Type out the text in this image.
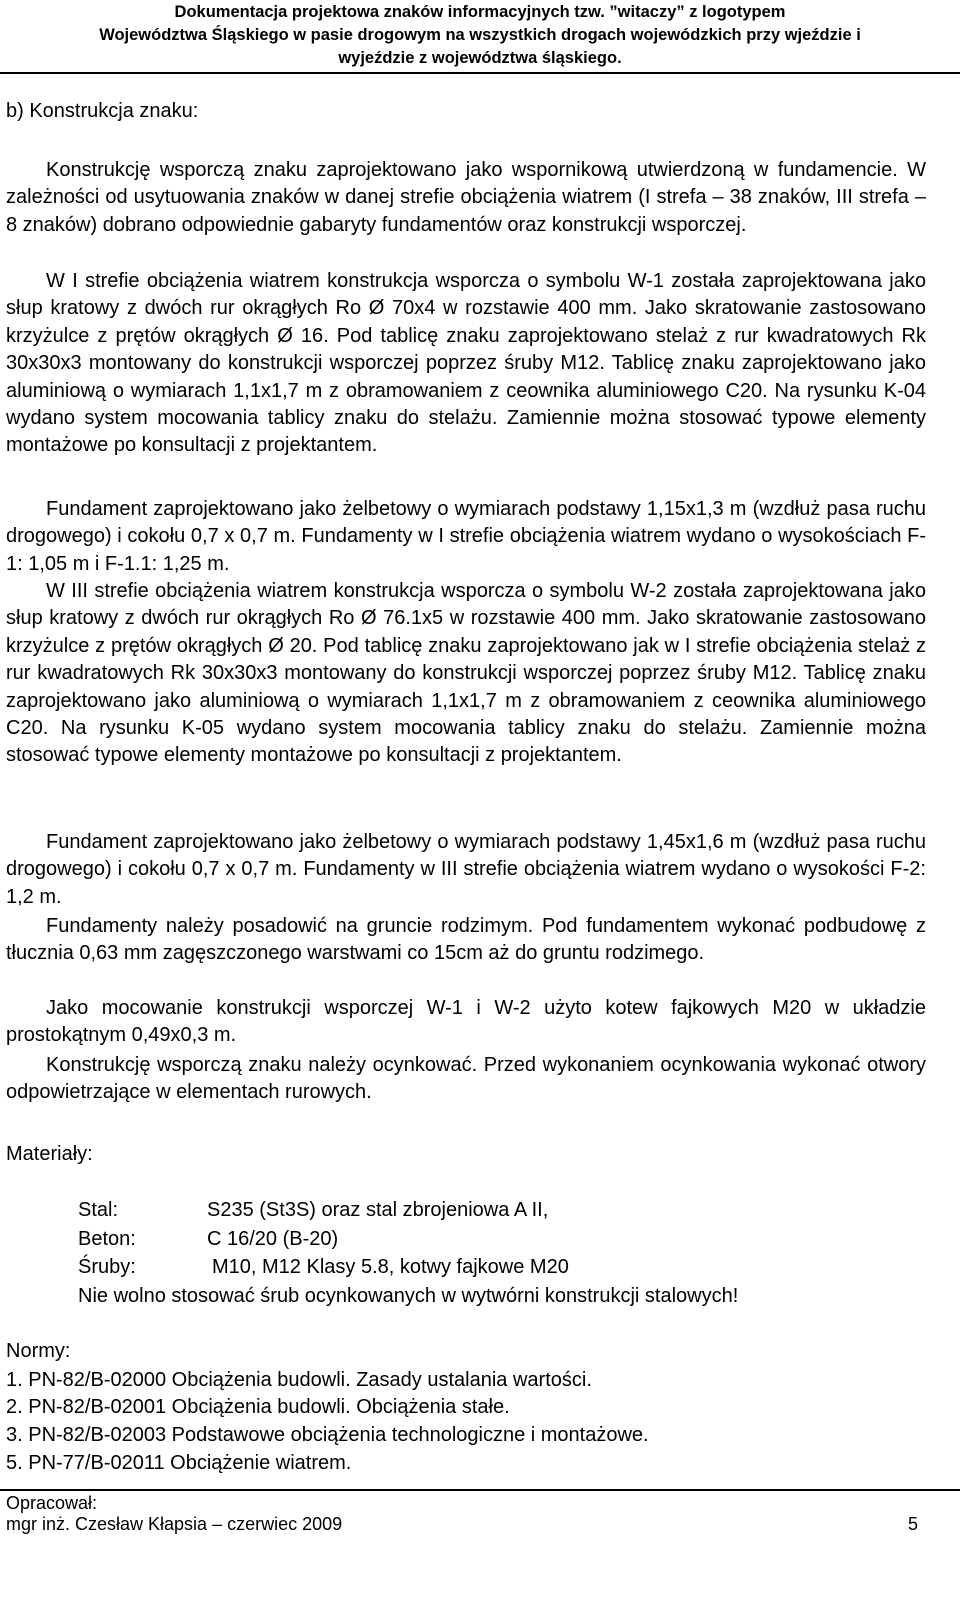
Dokumentacja projektowa znaków informacyjnych tzw. ”witaczy” z logotypem
Województwa Śląskiego w pasie drogowym na wszystkich drogach wojewódzkich przy wjeździe i
wyjeździe z województwa śląskiego.
b) Konstrukcja znaku:

Konstrukcję wsporczą znaku zaprojektowano jako wspornikową utwierdzoną w fundamencie. W zależności od usytuowania znaków w danej strefie obciążenia wiatrem (I strefa – 38 znaków, III strefa – 8 znaków) dobrano odpowiednie gabaryty fundamentów oraz konstrukcji wsporczej.

W I strefie obciążenia wiatrem konstrukcja wsporcza o symbolu W-1 została zaprojektowana jako słup kratowy z dwóch rur okrągłych Ro Ø 70x4 w rozstawie 400 mm. Jako skratowanie zastosowano krzyżulce z prętów okrągłych Ø 16. Pod tablicę znaku zaprojektowano stelaż z rur kwadratowych Rk 30x30x3 montowany do konstrukcji wsporczej poprzez śruby M12. Tablicę znaku zaprojektowano jako aluminiową o wymiarach 1,1x1,7 m z obramowaniem z ceownika aluminiowego C20. Na rysunku K-04 wydano system mocowania tablicy znaku do stelażu. Zamiennie można stosować typowe elementy montażowe po konsultacji z projektantem.

Fundament zaprojektowano jako żelbetowy o wymiarach podstawy 1,15x1,3 m (wzdłuż pasa ruchu drogowego) i cokołu 0,7 x 0,7 m. Fundamenty w I strefie obciążenia wiatrem wydano o wysokościach F-1: 1,05 m i F-1.1: 1,25 m.

W III strefie obciążenia wiatrem konstrukcja wsporcza o symbolu W-2 została zaprojektowana jako słup kratowy z dwóch rur okrągłych Ro Ø 76.1x5 w rozstawie 400 mm. Jako skratowanie zastosowano krzyżulce z prętów okrągłych Ø 20. Pod tablicę znaku zaprojektowano jak w I strefie obciążenia stelaż z rur kwadratowych Rk 30x30x3 montowany do konstrukcji wsporczej poprzez śruby M12. Tablicę znaku zaprojektowano jako aluminiową o wymiarach 1,1x1,7 m z obramowaniem z ceownika aluminiowego C20. Na rysunku K-05 wydano system mocowania tablicy znaku do stelażu. Zamiennie można stosować typowe elementy montażowe po konsultacji z projektantem.

Fundament zaprojektowano jako żelbetowy o wymiarach podstawy 1,45x1,6 m (wzdłuż pasa ruchu drogowego) i cokołu 0,7 x 0,7 m. Fundamenty w III strefie obciążenia wiatrem wydano o wysokości F-2: 1,2 m.

Fundamenty należy posadowić na gruncie rodzimym. Pod fundamentem wykonać podbudowę z tłucznia 0,63 mm zagęszczonego warstwami co 15cm aż do gruntu rodzimego.

Jako mocowanie konstrukcji wsporczej W-1 i W-2 użyto kotew fajkowych M20 w układzie prostokątnym 0,49x0,3 m.

Konstrukcję wsporczą znaku należy ocynkować. Przed wykonaniem ocynkowania wykonać otwory odpowietrzające w elementach rurowych.

Materiały:
Stal:	S235 (St3S) oraz stal zbrojeniowa A II,
Beton:	C 16/20 (B-20)
Śruby:	M10, M12 Klasy 5.8, kotwy fajkowe M20
Nie wolno stosować śrub ocynkowanych w wytwórni konstrukcji stalowych!
Normy:
1. PN-82/B-02000 Obciążenia budowli. Zasady ustalania wartości.
2. PN-82/B-02001 Obciążenia budowli. Obciążenia stałe.
3. PN-82/B-02003 Podstawowe obciążenia technologiczne i montażowe.
5. PN-77/B-02011 Obciążenie wiatrem.
Opracował:
mgr inż. Czesław Kłapsia – czerwiec 2009	5
